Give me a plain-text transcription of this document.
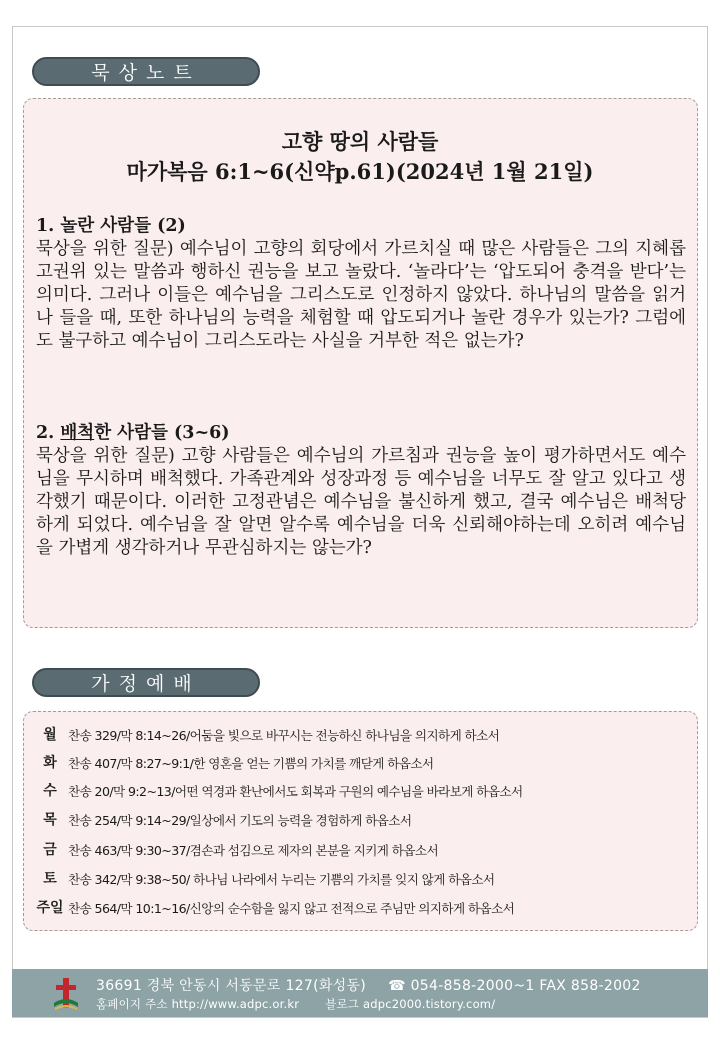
묵상노트
고향 땅의 사람들
마가복음 6:1~6(신약p.61)(2024년 1월 21일)

1. 놀란 사람들 (2)

묵상을 위한 질문) 예수님이 고향의 회당에서 가르치실 때 많은 사람들은 그의 지혜롭고권위 있는 말씀과 행하신 권능을 보고 놀랐다. ‘놀라다’는 ‘압도되어 충격을 받다’는의미다. 그러나 이들은 예수님을 그리스도로 인정하지 않았다. 하나님의 말씀을 읽거나 들을 때, 또한 하나님의 능력을 체험할 때 압도되거나 놀란 경우가 있는가? 그럼에도 불구하고 예수님이 그리스도라는 사실을 거부한 적은 없는가?

2. 배척한 사람들 (3~6)

묵상을 위한 질문) 고향 사람들은 예수님의 가르침과 권능을 높이 평가하면서도 예수님을 무시하며 배척했다. 가족관계와 성장과정 등 예수님을 너무도 잘 알고 있다고 생각했기 때문이다. 이러한 고정관념은 예수님을 불신하게 했고, 결국 예수님은 배척당하게 되었다. 예수님을 잘 알면 알수록 예수님을 더욱 신뢰해야하는데 오히려 예수님을 가볍게 생각하거나 무관심하지는 않는가?

가정예배
월 찬송 329/막 8:14~26/어둠을 빛으로 바꾸시는 전능하신 하나님을 의지하게 하소서
화 찬송 407/막 8:27~9:1/한 영혼을 얻는 기쁨의 가치를 깨닫게 하옵소서
수 찬송 20/막 9:2~13/어떤 역경과 환난에서도 회복과 구원의 예수님을 바라보게 하옵소서
목 찬송 254/막 9:14~29/일상에서 기도의 능력을 경험하게 하옵소서
금 찬송 463/막 9:30~37/겸손과 섬김으로 제자의 본분을 지키게 하옵소서
토 찬송 342/막 9:38~50/ 하나님 나라에서 누리는 기쁨의 가치를 잊지 않게 하옵소서
주일 찬송 564/막 10:1~16/신앙의 순수함을 잃지 않고 전적으로 주님만 의지하게 하옵소서
36691 경북 안동시 서동문로 127(화성동) ☎ 054-858-2000~1 FAX 858-2002
홈페이지 주소 http://www.adpc.or.kr 블로그 adpc2000.tistory.com/
